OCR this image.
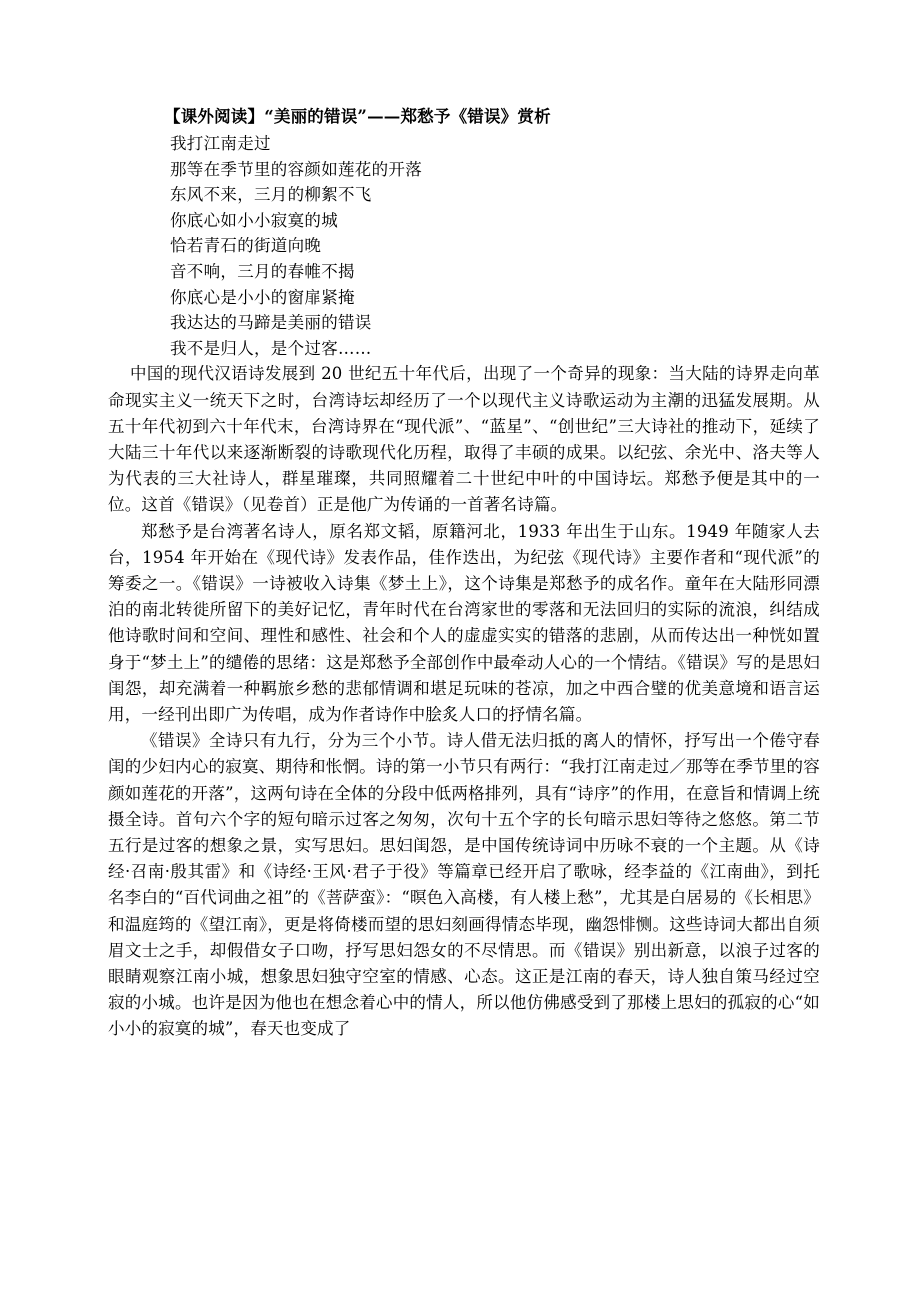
【课外阅读】“美丽的错误”——郑愁予《错误》赏析

我打江南走过

那等在季节里的容颜如莲花的开落

东风不来，三月的柳絮不飞

你底心如小小寂寞的城

恰若青石的街道向晚

音不响，三月的春帷不揭

你底心是小小的窗扉紧掩

我达达的马蹄是美丽的错误

我不是归人，是个过客……

中国的现代汉语诗发展到 20 世纪五十年代后，出现了一个奇异的现象：当大陆的诗界走向革命现实主义一统天下之时，台湾诗坛却经历了一个以现代主义诗歌运动为主潮的迅猛发展期。从五十年代初到六十年代末，台湾诗界在“现代派”、“蓝星”、“创世纪”三大诗社的推动下，延续了大陆三十年代以来逐渐断裂的诗歌现代化历程，取得了丰硕的成果。以纪弦、余光中、洛夫等人为代表的三大社诗人，群星璀璨，共同照耀着二十世纪中叶的中国诗坛。郑愁予便是其中的一位。这首《错误》（见卷首）正是他广为传诵的一首著名诗篇。

郑愁予是台湾著名诗人，原名郑文韬，原籍河北，1933 年出生于山东。1949 年随家人去台，1954 年开始在《现代诗》发表作品，佳作迭出，为纪弦《现代诗》主要作者和“现代派”的筹委之一。《错误》一诗被收入诗集《梦土上》，这个诗集是郑愁予的成名作。童年在大陆形同漂泊的南北转徙所留下的美好记忆，青年时代在台湾家世的零落和无法回归的实际的流浪，纠结成他诗歌时间和空间、理性和感性、社会和个人的虚虚实实的错落的悲剧，从而传达出一种恍如置身于“梦土上”的缱倦的思绪：这是郑愁予全部创作中最牵动人心的一个情结。《错误》写的是思妇闺怨，却充满着一种羁旅乡愁的悲郁情调和堪足玩味的苍凉，加之中西合璧的优美意境和语言运用，一经刊出即广为传唱，成为作者诗作中脍炙人口的抒情名篇。

《错误》全诗只有九行，分为三个小节。诗人借无法归抵的离人的情怀，抒写出一个倦守春闺的少妇内心的寂寞、期待和怅惘。诗的第一小节只有两行：“我打江南走过／那等在季节里的容颜如莲花的开落”，这两句诗在全体的分段中低两格排列，具有“诗序”的作用，在意旨和情调上统摄全诗。首句六个字的短句暗示过客之匆匆，次句十五个字的长句暗示思妇等待之悠悠。第二节五行是过客的想象之景，实写思妇。思妇闺怨，是中国传统诗词中历咏不衰的一个主题。从《诗经·召南·殷其雷》和《诗经·王风·君子于役》等篇章已经开启了歌咏，经李益的《江南曲》，到托名李白的“百代词曲之祖”的《菩萨蛮》：“暝色入高楼，有人楼上愁”，尤其是白居易的《长相思》和温庭筠的《望江南》，更是将倚楼而望的思妇刻画得情态毕现，幽怨悱恻。这些诗词大都出自须眉文士之手，却假借女子口吻，抒写思妇怨女的不尽情思。而《错误》别出新意，以浪子过客的眼睛观察江南小城，想象思妇独守空室的情感、心态。这正是江南的春天，诗人独自策马经过空寂的小城。也许是因为他也在想念着心中的情人，所以他仿佛感受到了那楼上思妇的孤寂的心“如小小的寂寞的城”，春天也变成了
